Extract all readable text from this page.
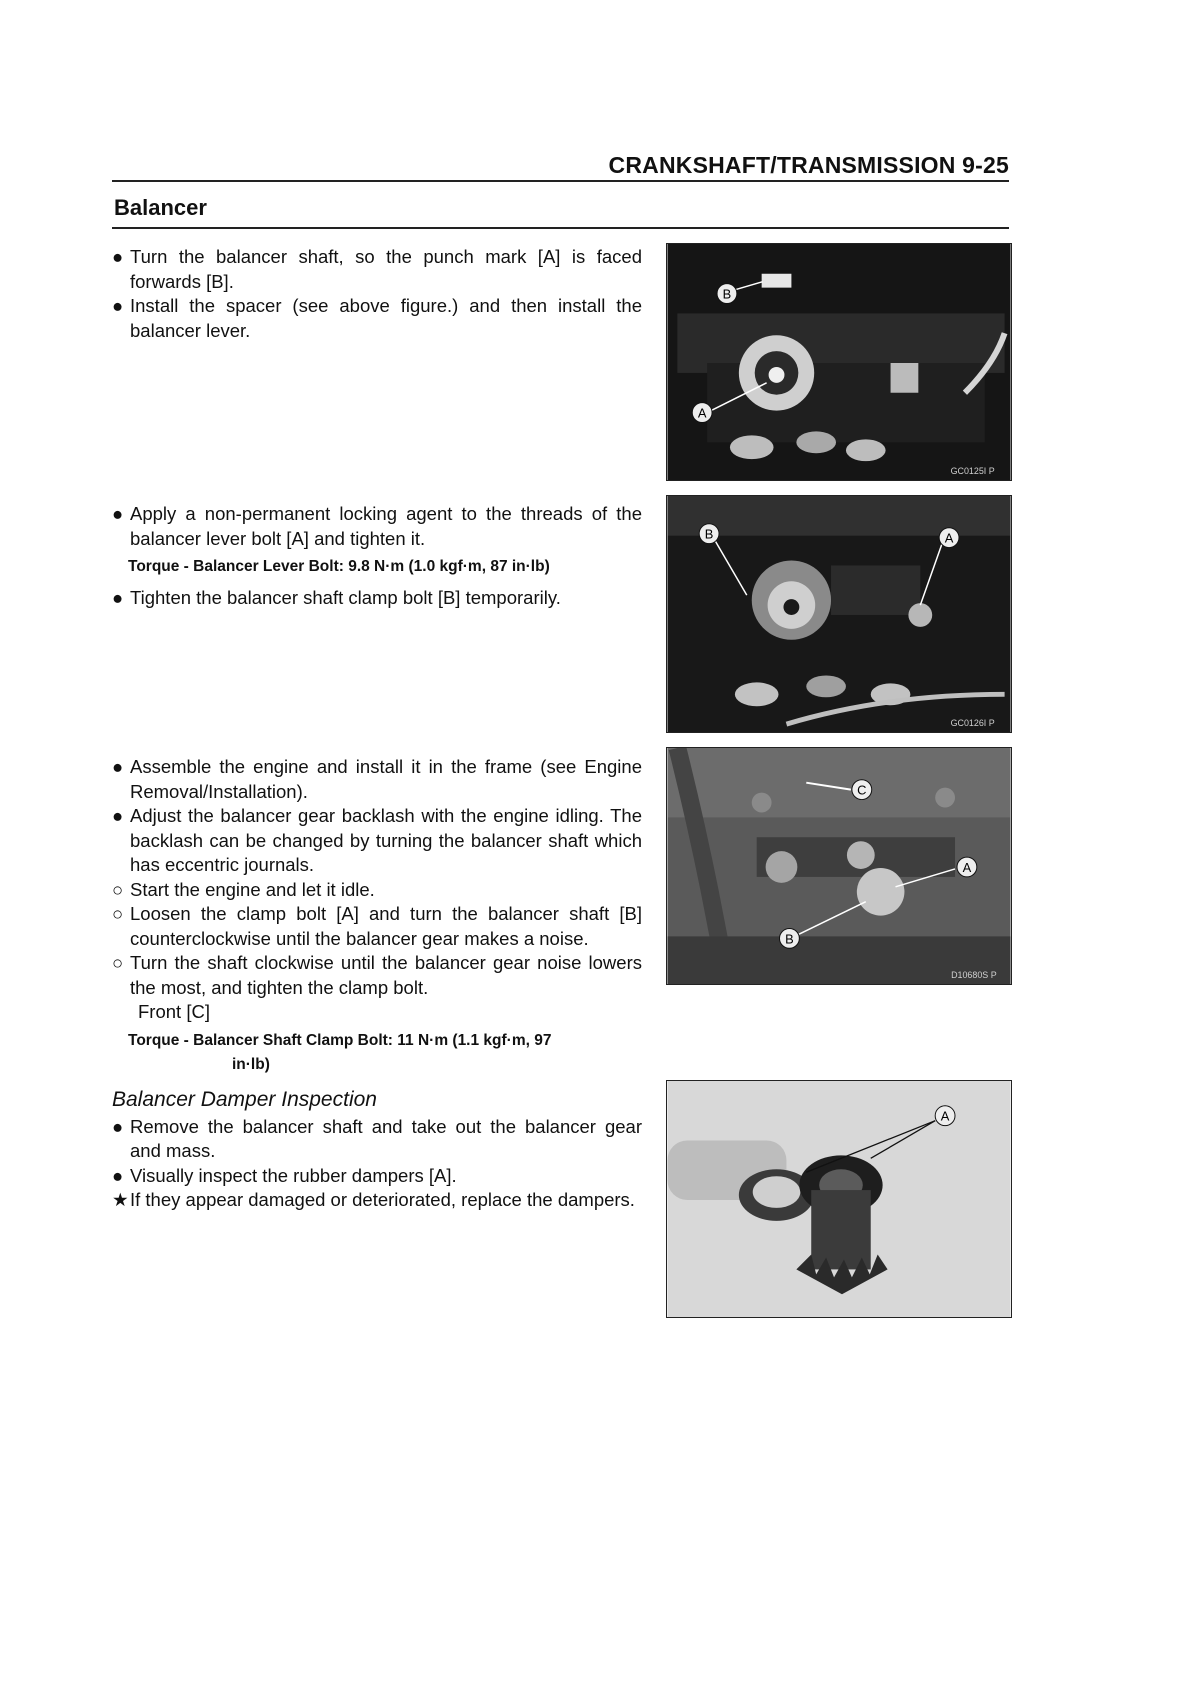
CRANKSHAFT/TRANSMISSION 9-25
Balancer
● Turn the balancer shaft, so the punch mark [A] is faced forwards [B].
● Install the spacer (see above figure.) and then install the balancer lever.
● Apply a non-permanent locking agent to the threads of the balancer lever bolt [A] and tighten it.
Torque - Balancer Lever Bolt: 9.8 N·m (1.0 kgf·m, 87 in·lb)
● Tighten the balancer shaft clamp bolt [B] temporarily.
● Assemble the engine and install it in the frame (see Engine Removal/Installation).
● Adjust the balancer gear backlash with the engine idling. The backlash can be changed by turning the balancer shaft which has eccentric journals.
○ Start the engine and let it idle.
○ Loosen the clamp bolt [A] and turn the balancer shaft [B] counterclockwise until the balancer gear makes a noise.
○ Turn the shaft clockwise until the balancer gear noise lowers the most, and tighten the clamp bolt.
Front [C]
Torque - Balancer Shaft Clamp Bolt: 11 N·m (1.1 kgf·m, 97
in·lb)
Balancer Damper Inspection
● Remove the balancer shaft and take out the balancer gear and mass.
● Visually inspect the rubber dampers [A].
★ If they appear damaged or deteriorated, replace the dampers.
B
A
GC0125I P
B	A
GC0126I P
C
A
B
D10680S P
A
